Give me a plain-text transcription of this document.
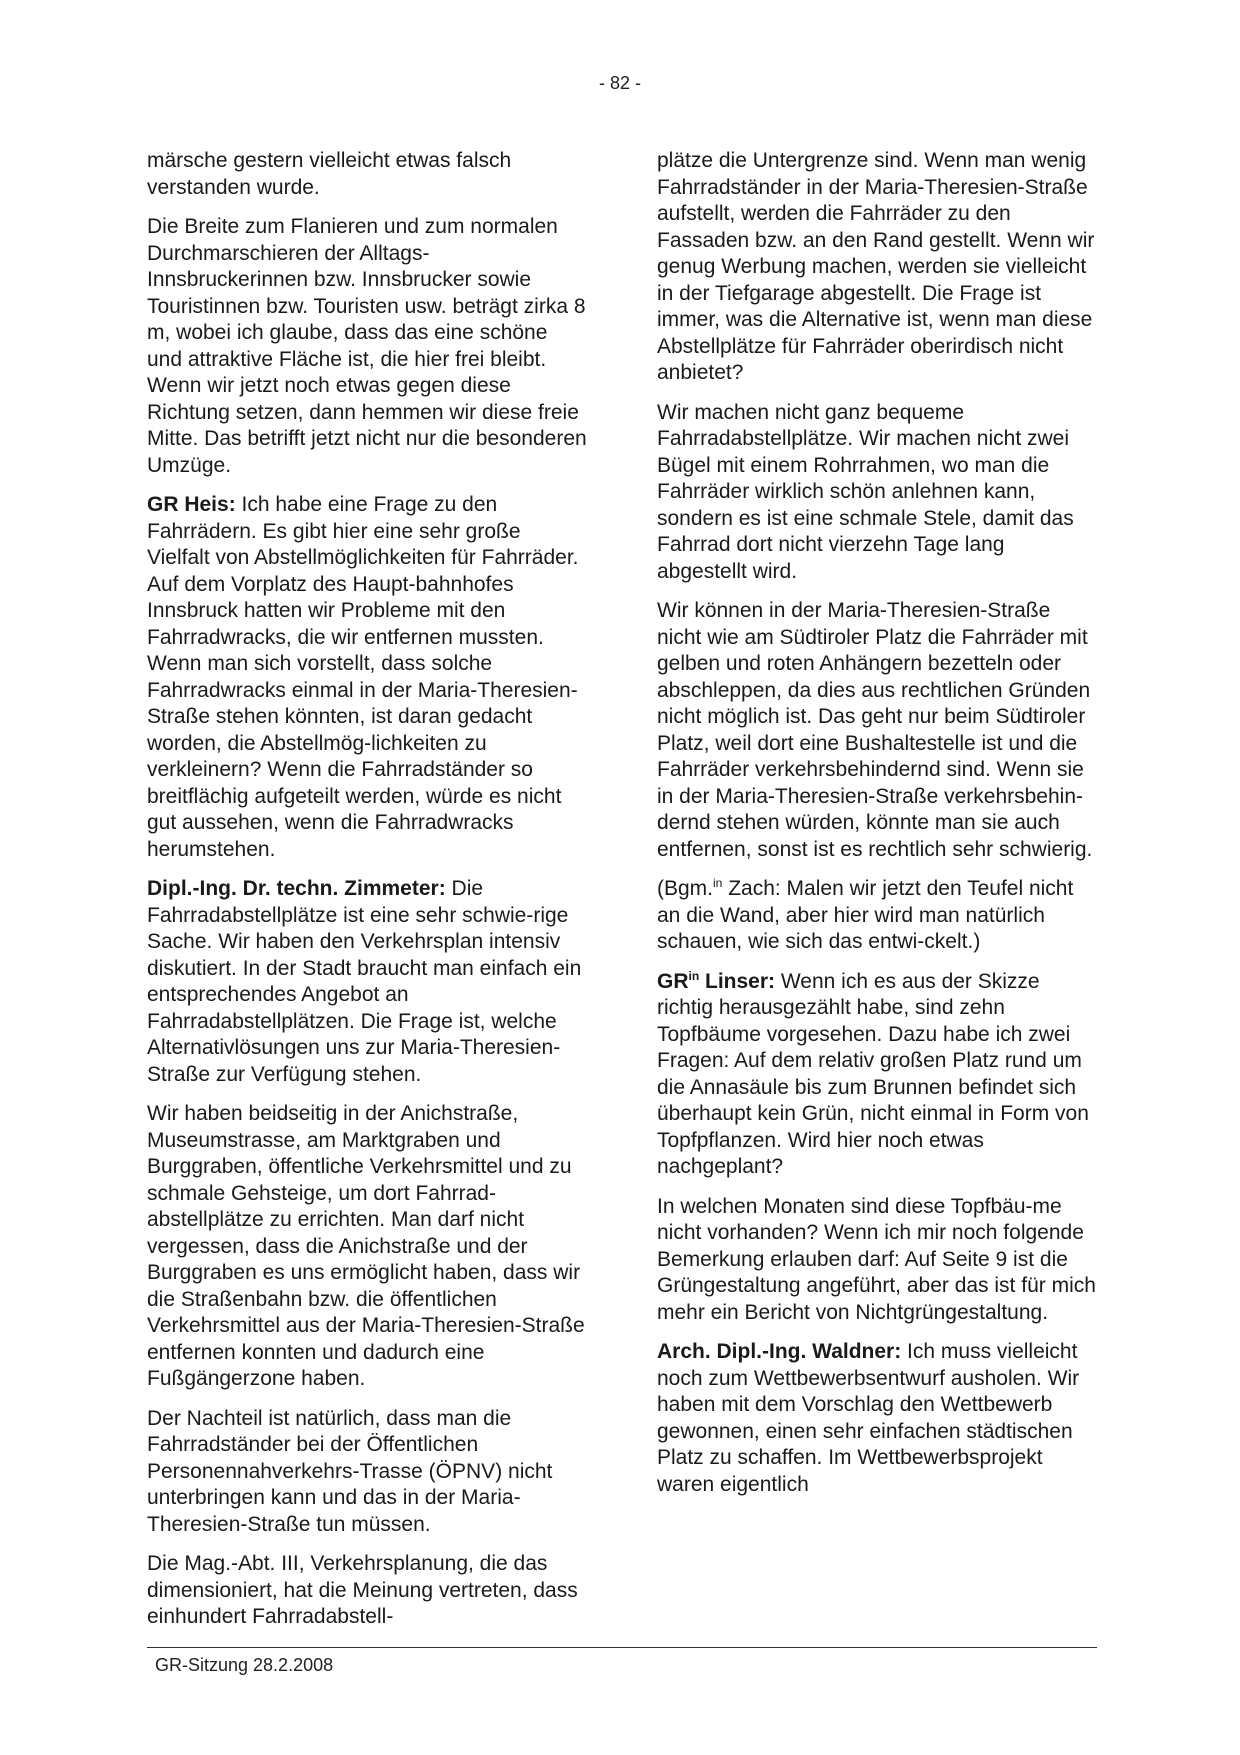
- 82 -

märsche gestern vielleicht etwas falsch verstanden wurde.

Die Breite zum Flanieren und zum normalen Durchmarschieren der Alltags-Innsbruckerinnen bzw. Innsbrucker sowie Touristinnen bzw. Touristen usw. beträgt zirka 8 m, wobei ich glaube, dass das eine schöne und attraktive Fläche ist, die hier frei bleibt. Wenn wir jetzt noch etwas gegen diese Richtung setzen, dann hemmen wir diese freie Mitte. Das betrifft jetzt nicht nur die besonderen Umzüge.

GR Heis: Ich habe eine Frage zu den Fahrrädern. Es gibt hier eine sehr große Vielfalt von Abstellmöglichkeiten für Fahrräder. Auf dem Vorplatz des Haupt-bahnhofes Innsbruck hatten wir Probleme mit den Fahrradwracks, die wir entfernen mussten. Wenn man sich vorstellt, dass solche Fahrradwracks einmal in der Maria-Theresien-Straße stehen könnten, ist daran gedacht worden, die Abstellmög-lichkeiten zu verkleinern? Wenn die Fahrradständer so breitflächig aufgeteilt werden, würde es nicht gut aussehen, wenn die Fahrradwracks herumstehen.

Dipl.-Ing. Dr. techn. Zimmeter: Die Fahrradabstellplätze ist eine sehr schwie-rige Sache. Wir haben den Verkehrsplan intensiv diskutiert. In der Stadt braucht man einfach ein entsprechendes Angebot an Fahrradabstellplätzen. Die Frage ist, welche Alternativlösungen uns zur Maria-Theresien-Straße zur Verfügung stehen.

Wir haben beidseitig in der Anichstraße, Museumstrasse, am Marktgraben und Burggraben, öffentliche Verkehrsmittel und zu schmale Gehsteige, um dort Fahrrad-abstellplätze zu errichten. Man darf nicht vergessen, dass die Anichstraße und der Burggraben es uns ermöglicht haben, dass wir die Straßenbahn bzw. die öffentlichen Verkehrsmittel aus der Maria-Theresien-Straße entfernen konnten und dadurch eine Fußgängerzone haben.

Der Nachteil ist natürlich, dass man die Fahrradständer bei der Öffentlichen Personennahverkehrs-Trasse (ÖPNV) nicht unterbringen kann und das in der Maria-Theresien-Straße tun müssen.

Die Mag.-Abt. III, Verkehrsplanung, die das dimensioniert, hat die Meinung vertreten, dass einhundert Fahrradabstell-

plätze die Untergrenze sind. Wenn man wenig Fahrradständer in der Maria-Theresien-Straße aufstellt, werden die Fahrräder zu den Fassaden bzw. an den Rand gestellt. Wenn wir genug Werbung machen, werden sie vielleicht in der Tiefgarage abgestellt. Die Frage ist immer, was die Alternative ist, wenn man diese Abstellplätze für Fahrräder oberirdisch nicht anbietet?

Wir machen nicht ganz bequeme Fahrradabstellplätze. Wir machen nicht zwei Bügel mit einem Rohrrahmen, wo man die Fahrräder wirklich schön anlehnen kann, sondern es ist eine schmale Stele, damit das Fahrrad dort nicht vierzehn Tage lang abgestellt wird.

Wir können in der Maria-Theresien-Straße nicht wie am Südtiroler Platz die Fahrräder mit gelben und roten Anhängern bezetteln oder abschleppen, da dies aus rechtlichen Gründen nicht möglich ist. Das geht nur beim Südtiroler Platz, weil dort eine Bushaltestelle ist und die Fahrräder verkehrsbehindernd sind. Wenn sie in der Maria-Theresien-Straße verkehrsbehin-dernd stehen würden, könnte man sie auch entfernen, sonst ist es rechtlich sehr schwierig.

(Bgm.$^{in}$ Zach: Malen wir jetzt den Teufel nicht an die Wand, aber hier wird man natürlich schauen, wie sich das entwi-ckelt.)

$GR^{in}$ Linser: Wenn ich es aus der Skizze richtig herausgezählt habe, sind zehn Topfbäume vorgesehen. Dazu habe ich zwei Fragen: Auf dem relativ großen Platz rund um die Annasäule bis zum Brunnen befindet sich überhaupt kein Grün, nicht einmal in Form von Topfpflanzen. Wird hier noch etwas nachgeplant?

In welchen Monaten sind diese Topfbäu-me nicht vorhanden? Wenn ich mir noch folgende Bemerkung erlauben darf: Auf Seite 9 ist die Grüngestaltung angeführt, aber das ist für mich mehr ein Bericht von Nichtgrüngestaltung.

Arch. Dipl.-Ing. Waldner: Ich muss vielleicht noch zum Wettbewerbsentwurf ausholen. Wir haben mit dem Vorschlag den Wettbewerb gewonnen, einen sehr einfachen städtischen Platz zu schaffen. Im Wettbewerbsprojekt waren eigentlich

GR-Sitzung 28.2.2008
